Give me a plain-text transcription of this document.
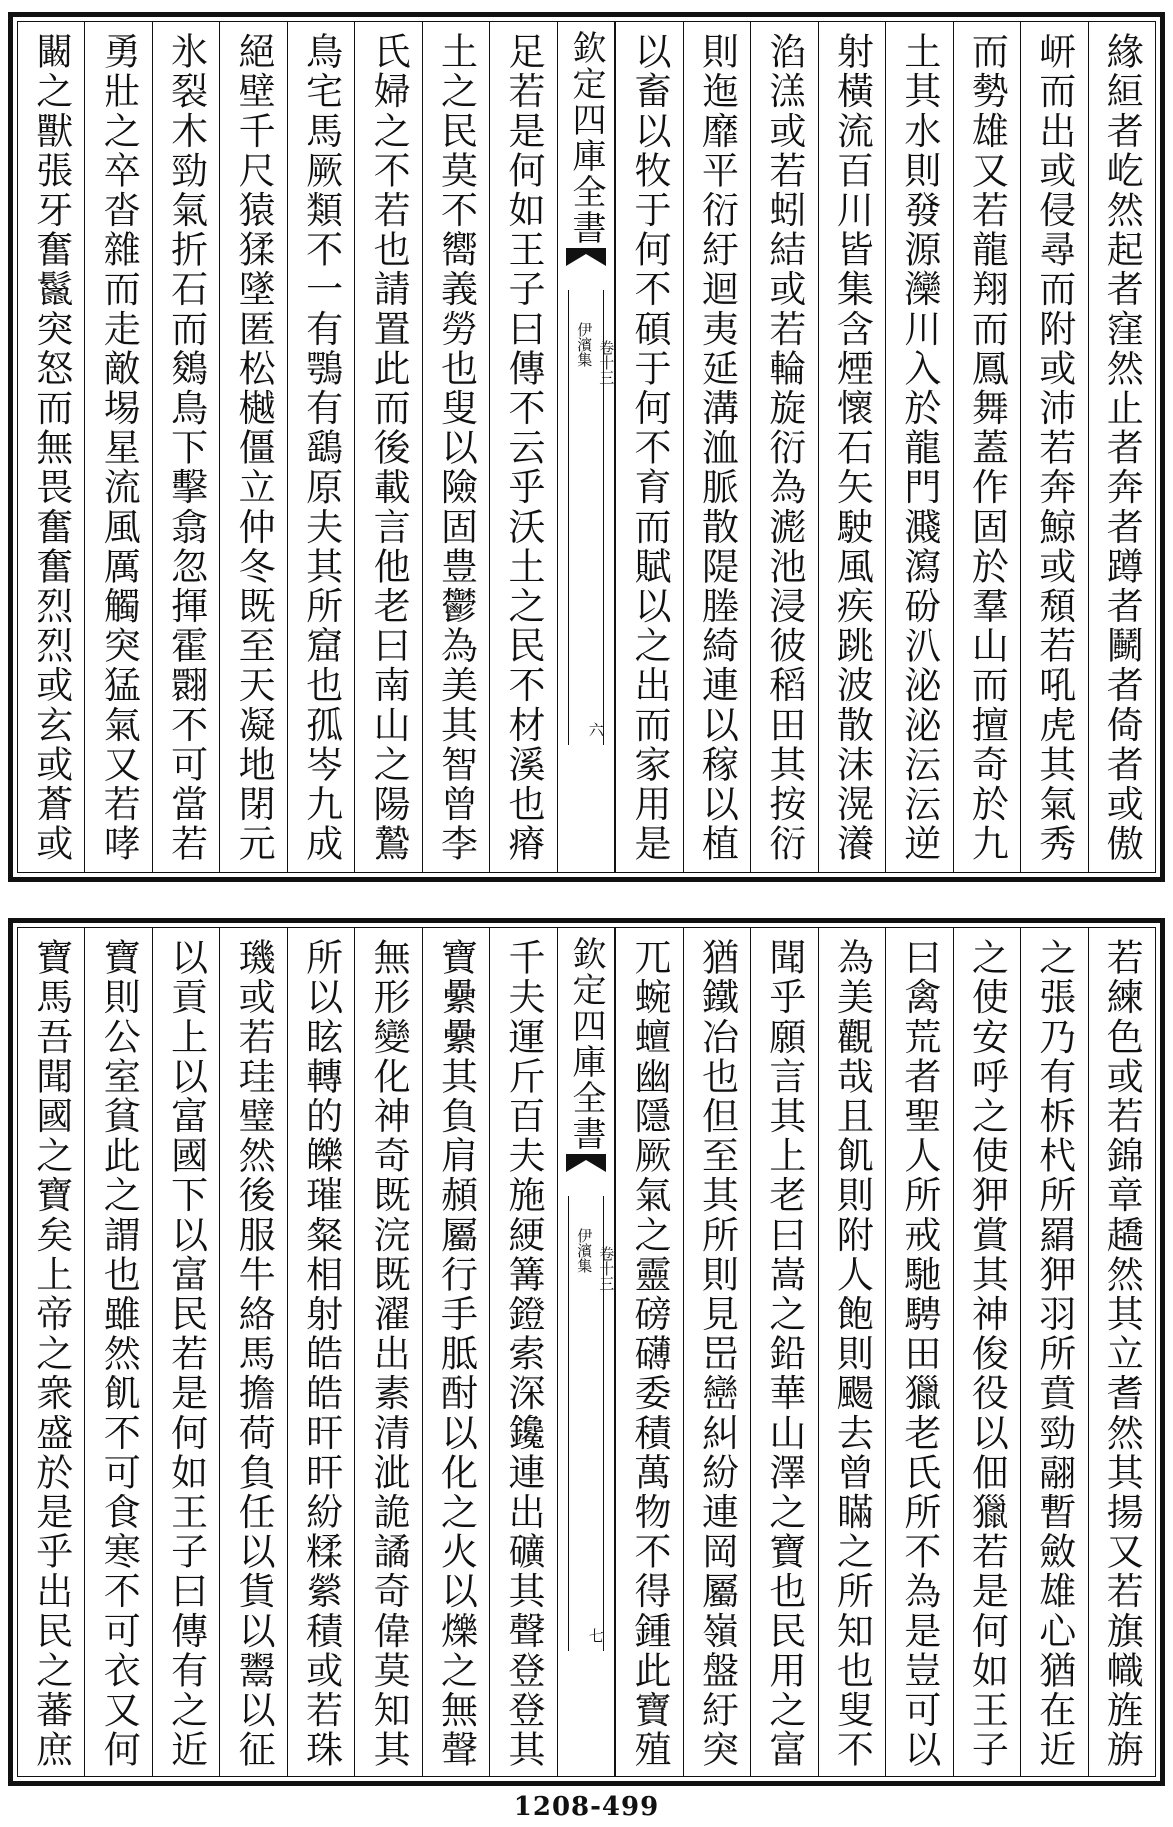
緣絙者屹然起者窪然止者奔者蹲者鬭者倚者或傲
岍而出或侵尋而附或沛若奔鯨或頹若吼虎其氣秀
而勢雄又若龍翔而鳳舞蓋作固於羣山而擅奇於九
土其水則發源灤川入於龍門濺瀉砏汃泌泌沄沄逆
射橫流百川皆集含煙懷石矢駛風疾跳波散沫滉瀁
淊溔或若蚓結或若輪旋衍為滮池浸彼稻田其按衍
則迤靡平衍紆迴夷延溝洫脈散隄塍綺連以稼以植
以畜以牧于何不碩于何不育而賦以之出而家用是
欽定四庫全書
伊濱集 卷十三
六
足若是何如王子曰傳不云乎沃土之民不材溪也瘠
土之民莫不嚮義勞也叟以險固豊鬱為美其智曾李
氏婦之不若也請置此而後載言他老曰南山之陽鷙
鳥宅馬厥類不一有鶚有鷂原夫其所窟也孤岑九成
絕壁千尺猿猱墜匿松樾僵立仲冬既至天凝地閉元
氷裂木勁氣折石而鵕鳥下擊翕忽揮霍翾不可當若
勇壯之卒沓雜而走敵埸星流風厲觸突猛氣又若哮
闞之獸張牙奮鬣突怒而無畏奮奮烈烈或玄或蒼或
若練色或若錦章趫然其立耆然其揚又若旗幟旌旃
之張乃有柝杙所羂狎羽所賁勁翮暫斂雄心猶在近
之使安呼之使狎賞其神俊役以佃獵若是何如王子
曰禽荒者聖人所戒馳騁田獵老氏所不為是豈可以
為美觀哉且飢則附人飽則颺去曾瞞之所知也叟不
聞乎願言其上老曰嵩之鉛華山澤之寶也民用之富
猶鐵冶也但至其所則見岊巒糾紛連岡屬嶺盤紆突
兀蜿蟺幽隱厥氣之靈磅礴委積萬物不得鍾此寶殖
欽定四庫全書
伊濱集 卷十三
七
千夫運斤百夫施綆篝鐙索深鑱連出礦其聲登登其
寶纍纍其負肩頳屬行手胝酎以化之火以爍之無聲
無形變化神奇既浣既濯出素清泚詭譎奇偉莫知其
所以眩轉的皪璀粲相射皓皓旰旰紛糅縈積或若珠
璣或若珪璧然後服牛絡馬擔荷負任以貨以鬻以征
以貢上以富國下以富民若是何如王子曰傳有之近
寶則公室貧此之謂也雖然飢不可食寒不可衣又何
寶馬吾聞國之寶矣上帝之衆盛於是乎出民之蕃庶
1208-499
